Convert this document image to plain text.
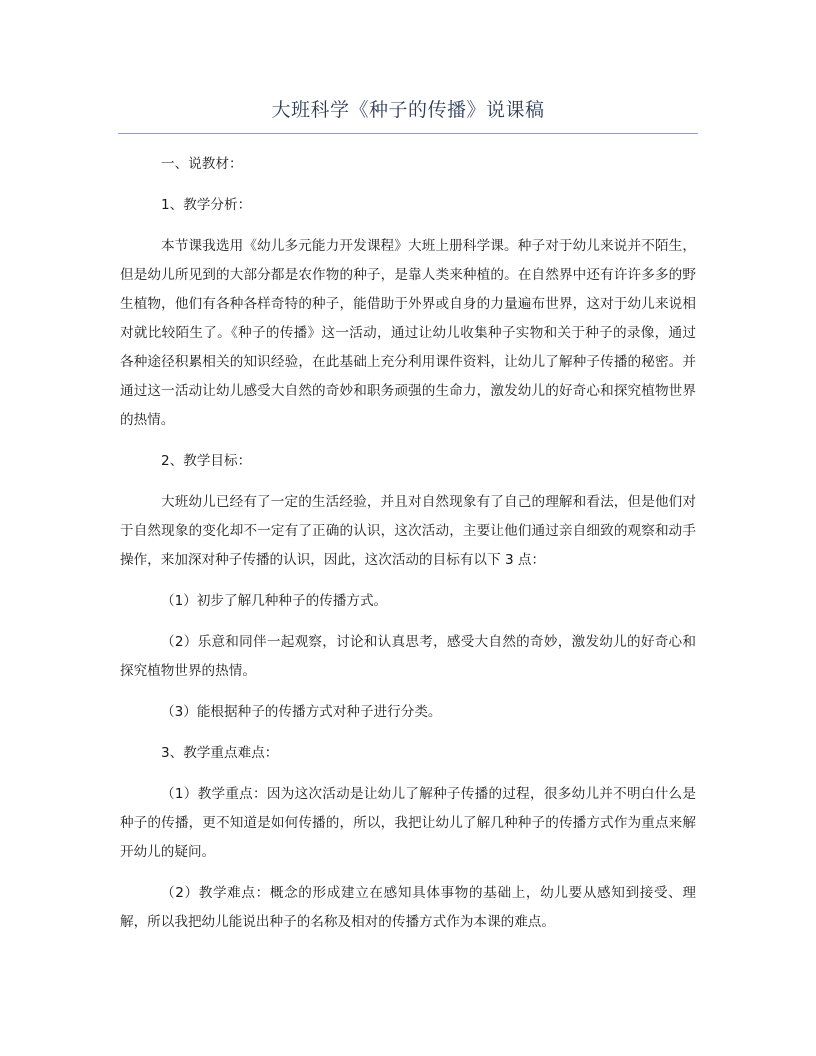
大班科学《种子的传播》说课稿

一、说教材：

1、教学分析：

本节课我选用《幼儿多元能力开发课程》大班上册科学课。种子对于幼儿来说并不陌生，但是幼儿所见到的大部分都是农作物的种子，是靠人类来种植的。在自然界中还有许许多多的野生植物，他们有各种各样奇特的种子，能借助于外界或自身的力量遍布世界，这对于幼儿来说相对就比较陌生了。《种子的传播》这一活动，通过让幼儿收集种子实物和关于种子的录像，通过各种途径积累相关的知识经验，在此基础上充分利用课件资料，让幼儿了解种子传播的秘密。并通过这一活动让幼儿感受大自然的奇妙和职务顽强的生命力，激发幼儿的好奇心和探究植物世界的热情。

2、教学目标：

大班幼儿已经有了一定的生活经验，并且对自然现象有了自己的理解和看法，但是他们对于自然现象的变化却不一定有了正确的认识，这次活动，主要让他们通过亲自细致的观察和动手操作，来加深对种子传播的认识，因此，这次活动的目标有以下 3 点：

（1）初步了解几种种子的传播方式。

（2）乐意和同伴一起观察，讨论和认真思考，感受大自然的奇妙，激发幼儿的好奇心和探究植物世界的热情。

（3）能根据种子的传播方式对种子进行分类。

3、教学重点难点：

（1）教学重点：因为这次活动是让幼儿了解种子传播的过程，很多幼儿并不明白什么是种子的传播，更不知道是如何传播的，所以，我把让幼儿了解几种种子的传播方式作为重点来解开幼儿的疑问。

（2）教学难点：概念的形成建立在感知具体事物的基础上，幼儿要从感知到接受、理解，所以我把幼儿能说出种子的名称及相对的传播方式作为本课的难点。
